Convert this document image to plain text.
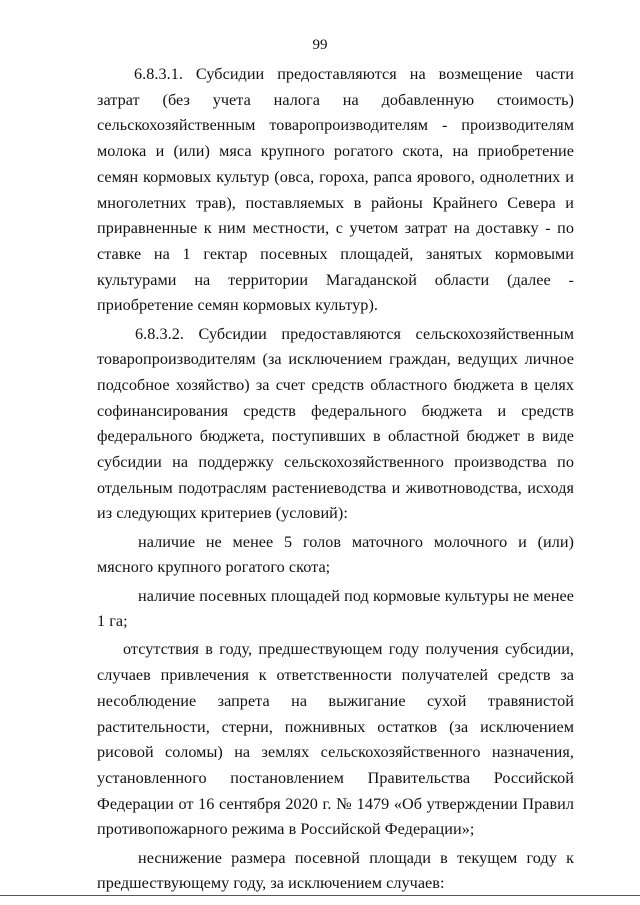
99

6.8.3.1. Субсидии предоставляются на возмещение части затрат (без учета налога на добавленную стоимость) сельскохозяйственным товаропроизводителям - производителям молока и (или) мяса крупного рогатого скота, на приобретение семян кормовых культур (овса, гороха, рапса ярового, однолетних и многолетних трав), поставляемых в районы Крайнего Севера и приравненные к ним местности, с учетом затрат на доставку - по ставке на 1 гектар посевных площадей, занятых кормовыми культурами на территории Магаданской области (далее - приобретение семян кормовых культур).

6.8.3.2. Субсидии предоставляются сельскохозяйственным товаропроизводителям (за исключением граждан, ведущих личное подсобное хозяйство) за счет средств областного бюджета в целях софинансирования средств федерального бюджета и средств федерального бюджета, поступивших в областной бюджет в виде субсидии на поддержку сельскохозяйственного производства по отдельным подотраслям растениеводства и животноводства, исходя из следующих критериев (условий):

наличие не менее 5 голов маточного молочного и (или) мясного крупного рогатого скота;

наличие посевных площадей под кормовые культуры не менее 1 га;

отсутствия в году, предшествующем году получения субсидии, случаев привлечения к ответственности получателей средств за несоблюдение запрета на выжигание сухой травянистой растительности, стерни, пожнивных остатков (за исключением рисовой соломы) на землях сельскохозяйственного назначения, установленного постановлением Правительства Российской Федерации от 16 сентября 2020 г. № 1479 «Об утверждении Правил противопожарного режима в Российской Федерации»;

неснижение размера посевной площади в текущем году к предшествующему году, за исключением случаев:
